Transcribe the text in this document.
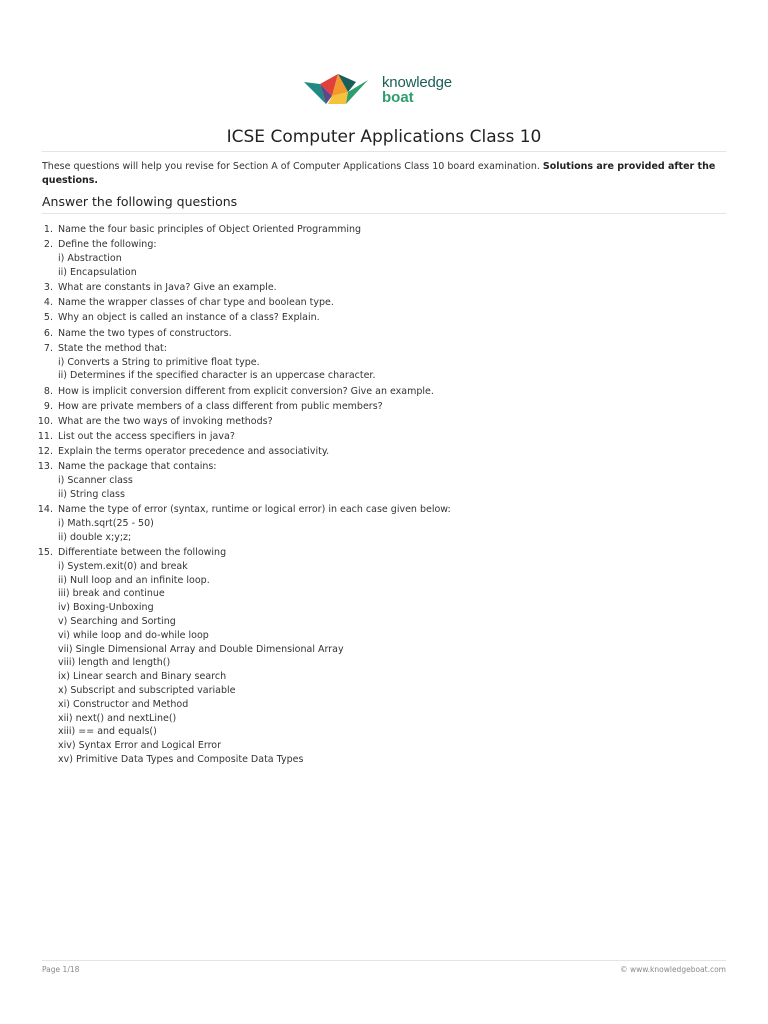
knowledge
boat
ICSE Computer Applications Class 10
These questions will help you revise for Section A of Computer Applications Class 10 board examination. Solutions are provided after the questions.
Answer the following questions
1. Name the four basic principles of Object Oriented Programming
2. Define the following:
i) Abstraction
ii) Encapsulation
3. What are constants in Java? Give an example.
4. Name the wrapper classes of char type and boolean type.
5. Why an object is called an instance of a class? Explain.
6. Name the two types of constructors.
7. State the method that:
i) Converts a String to primitive float type.
ii) Determines if the specified character is an uppercase character.
8. How is implicit conversion different from explicit conversion? Give an example.
9. How are private members of a class different from public members?
10. What are the two ways of invoking methods?
11. List out the access specifiers in java?
12. Explain the terms operator precedence and associativity.
13. Name the package that contains:
i) Scanner class
ii) String class
14. Name the type of error (syntax, runtime or logical error) in each case given below:
i) Math.sqrt(25 - 50)
ii) double x;y;z;
15. Differentiate between the following
i) System.exit(0) and break
ii) Null loop and an infinite loop.
iii) break and continue
iv) Boxing-Unboxing
v) Searching and Sorting
vi) while loop and do-while loop
vii) Single Dimensional Array and Double Dimensional Array
viii) length and length()
ix) Linear search and Binary search
x) Subscript and subscripted variable
xi) Constructor and Method
xii) next() and nextLine()
xiii) == and equals()
xiv) Syntax Error and Logical Error
xv) Primitive Data Types and Composite Data Types
Page 1/18	© www.knowledgeboat.com
